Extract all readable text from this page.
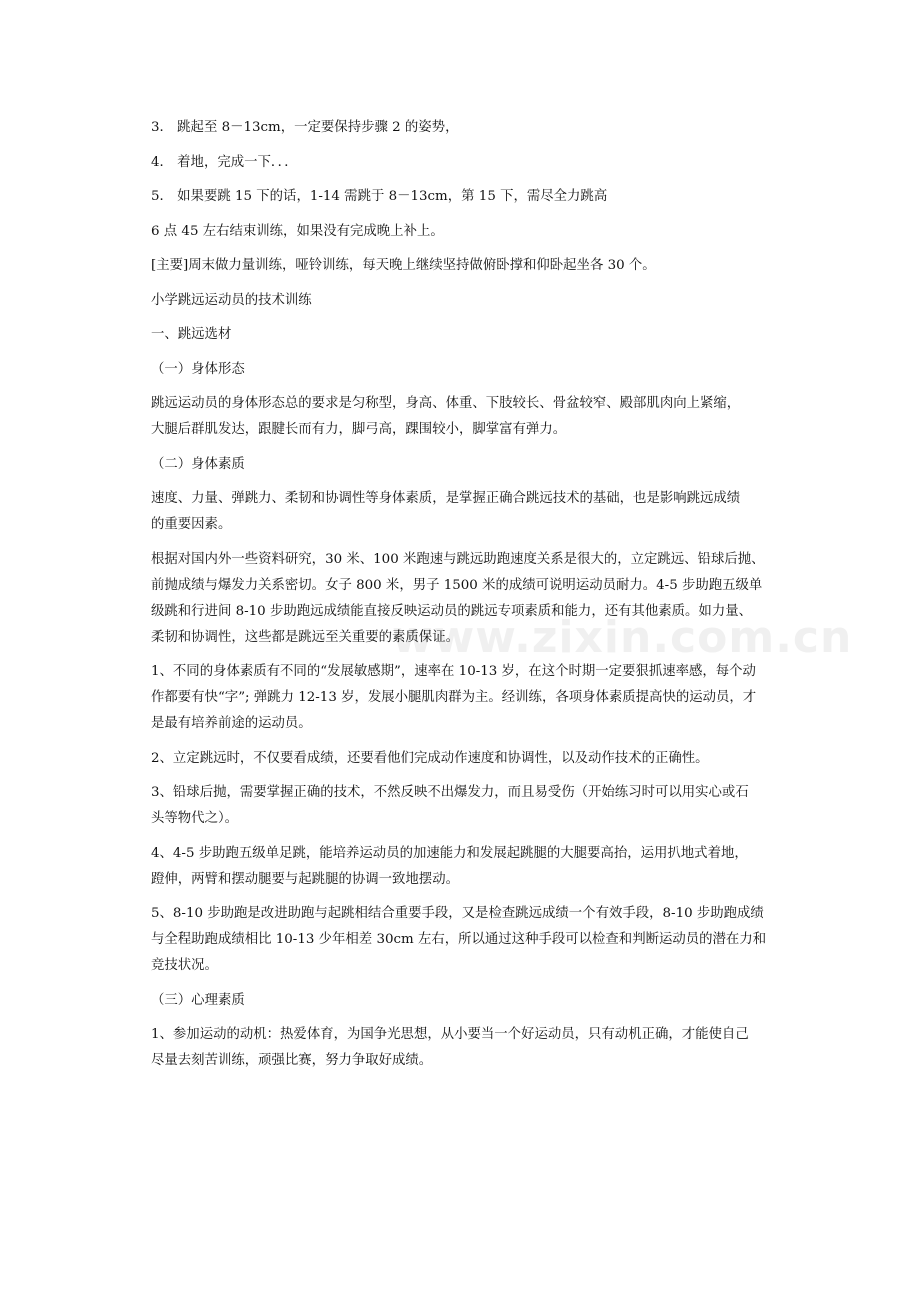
www.zixin.com.cn
3． 跳起至 8－13cm，一定要保持步骤 2 的姿势，
4． 着地，完成一下．．．
5． 如果要跳 15 下的话，1-14 需跳于 8－13cm，第 15 下，需尽全力跳高
6 点 45 左右结束训练，如果没有完成晚上补上。
[主要]周末做力量训练，哑铃训练，每天晚上继续坚持做俯卧撑和仰卧起坐各 30 个。
小学跳远运动员的技术训练
一、跳远选材
（一）身体形态
跳远运动员的身体形态总的要求是匀称型，身高、体重、下肢较长、骨盆较窄、殿部肌肉向上紧缩，
大腿后群肌发达，跟腱长而有力，脚弓高，踝围较小，脚掌富有弹力。
（二）身体素质
速度、力量、弹跳力、柔韧和协调性等身体素质，是掌握正确合跳远技术的基础，也是影响跳远成绩
的重要因素。
根据对国内外一些资料研究，30 米、100 米跑速与跳远助跑速度关系是很大的，立定跳远、铅球后抛、
前抛成绩与爆发力关系密切。女子 800 米，男子 1500 米的成绩可说明运动员耐力。4-5 步助跑五级单
级跳和行进间 8-10 步助跑远成绩能直接反映运动员的跳远专项素质和能力，还有其他素质。如力量、
柔韧和协调性，这些都是跳远至关重要的素质保证。
1、不同的身体素质有不同的“发展敏感期”，速率在 10-13 岁，在这个时期一定要狠抓速率感，每个动
作都要有快“字”; 弹跳力 12-13 岁，发展小腿肌肉群为主。经训练，各项身体素质提高快的运动员，才
是最有培养前途的运动员。
2、立定跳远时，不仅要看成绩，还要看他们完成动作速度和协调性，以及动作技术的正确性。
3、铅球后抛，需要掌握正确的技术，不然反映不出爆发力，而且易受伤（开始练习时可以用实心或石
头等物代之）。
4、4-5 步助跑五级单足跳，能培养运动员的加速能力和发展起跳腿的大腿要高抬，运用扒地式着地，
蹬伸，两臂和摆动腿要与起跳腿的协调一致地摆动。
5、8-10 步助跑是改进助跑与起跳相结合重要手段，又是检查跳远成绩一个有效手段，8-10 步助跑成绩
与全程助跑成绩相比 10-13 少年相差 30cm 左右，所以通过这种手段可以检查和判断运动员的潜在力和
竞技状况。
（三）心理素质
1、参加运动的动机：热爱体育，为国争光思想，从小要当一个好运动员，只有动机正确，才能使自己
尽量去刻苦训练，顽强比赛，努力争取好成绩。
